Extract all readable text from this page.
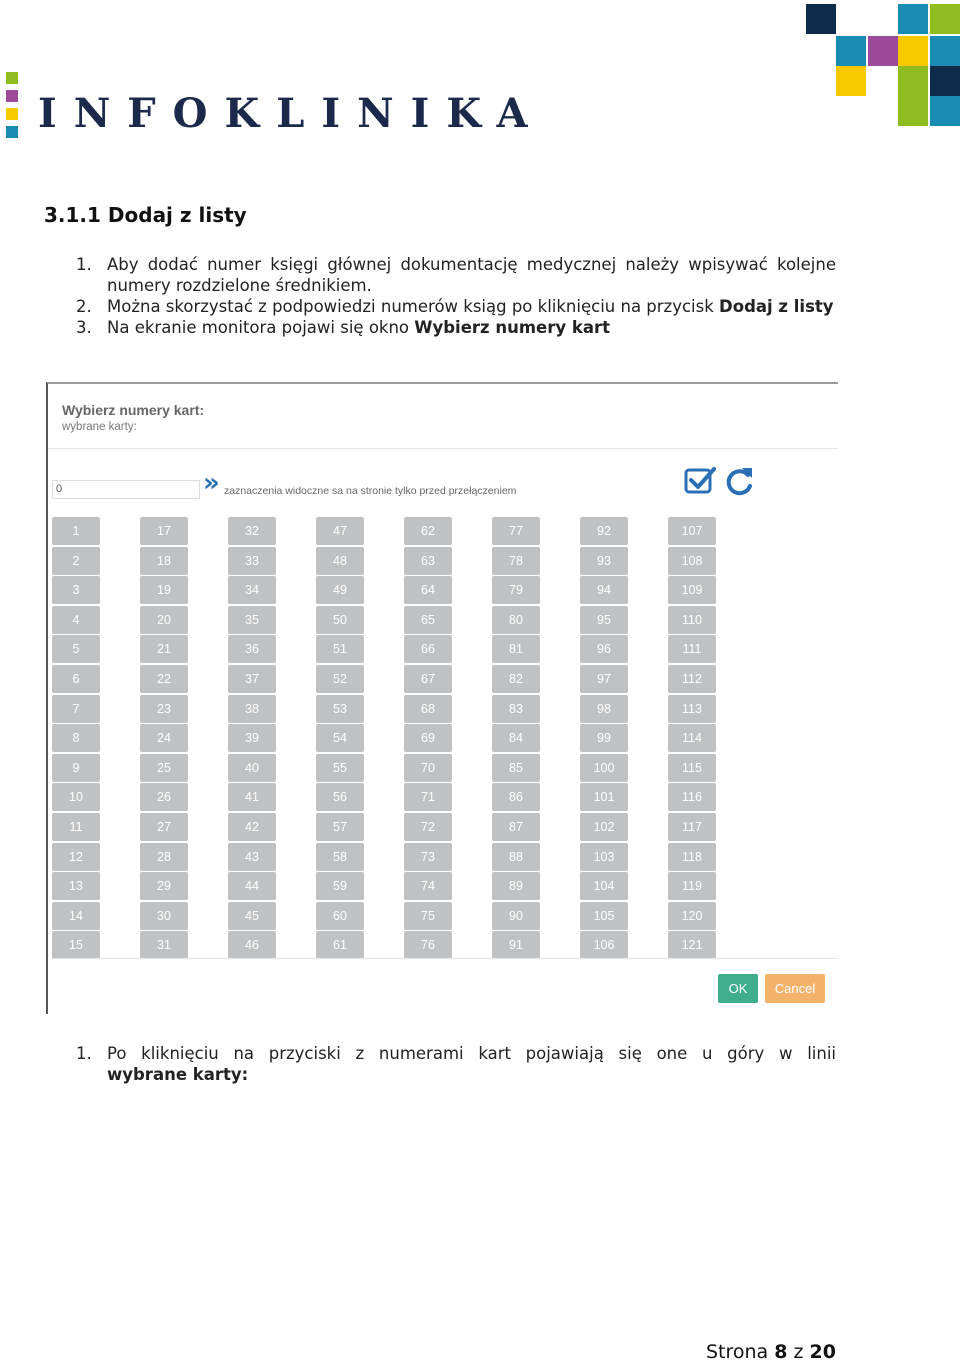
INFOKLINIKA
3.1.1 Dodaj z listy
1. Aby dodać numer księgi głównej dokumentację medycznej należy wpisywać kolejne numery rozdzielone średnikiem.
2. Można skorzystać z podpowiedzi numerów ksiąg po kliknięciu na przycisk Dodaj z listy
3. Na ekranie monitora pojawi się okno Wybierz numery kart
Wybierz numery kart:
wybrane karty:
0	» zaznaczenia widoczne sa na stronie tylko przed przełączeniem
1
2
3
4
5
6
7
8
9
10
11
12
13
14
15
17
18
19
20
21
22
23
24
25
26
27
28
29
30
31
32
33
34
35
36
37
38
39
40
41
42
43
44
45
46
47
48
49
50
51
52
53
54
55
56
57
58
59
60
61
62
63
64
65
66
67
68
69
70
71
72
73
74
75
76
77
78
79
80
81
82
83
84
85
86
87
88
89
90
91
92
93
94
95
96
97
98
99
100
101
102
103
104
105
106
107
108
109
110
111
112
113
114
115
116
117
118
119
120
121
OK	Cancel
1. Po kliknięciu na przyciski z numerami kart pojawiają się one u góry w linii
wybrane karty:
Strona 8 z 20
